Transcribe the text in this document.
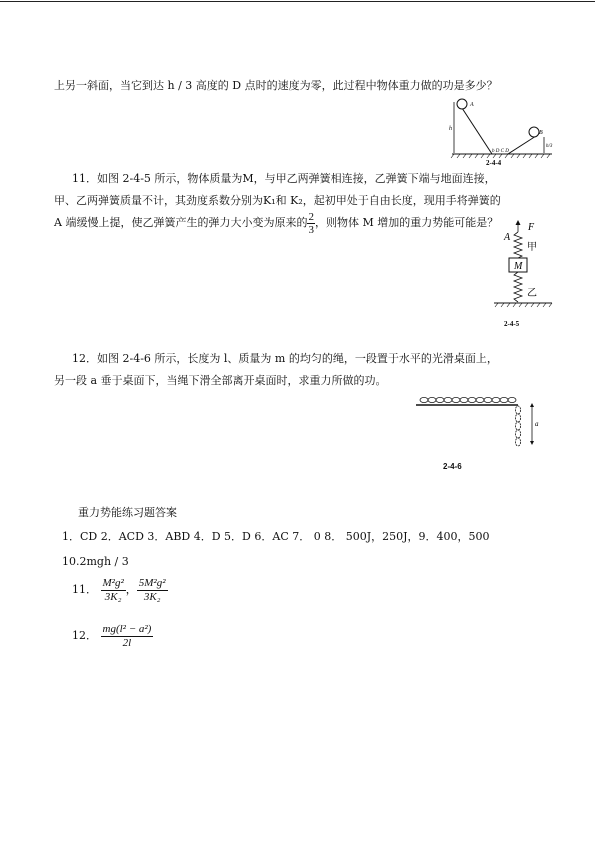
上另一斜面，当它到达 h / 3 高度的 D 点时的速度为零，此过程中物体重力做的功是多少？
A
B
h
h/3
b D C D
2-4-4
11．如图 2-4-5 所示，物体质量为M，与甲乙两弹簧相连接，乙弹簧下端与地面连接，
甲、乙两弹簧质量不计，其劲度系数分别为K₁和 K₂，起初甲处于自由长度，现用手将弹簧的
A 端缓慢上提，使乙弹簧产生的弹力大小变为原来的 $\frac{2}{3}$ ，则物体 M 增加的重力势能可能是？	F
A
甲
M
乙
2-4-5
12．如图 2-4-6 所示，长度为 l、质量为 m 的均匀的绳，一段置于水平的光滑桌面上，
另一段 a 垂于桌面下，当绳下滑全部离开桌面时，求重力所做的功。
a
2-4-6
重力势能练习题答案
1．CD 2．ACD 3．ABD 4．D 5．D 6．AC 7． 0 8． 500J，250J，9．400，500
10.2mgh / 3
11． $\frac{\text{M²g²}}{\text{3K₂}}$ ， $\frac{\text{5M²g²}}{\text{3K₂}}$
12． $\frac{\text{mg(l² − a²)}}{2l}$
